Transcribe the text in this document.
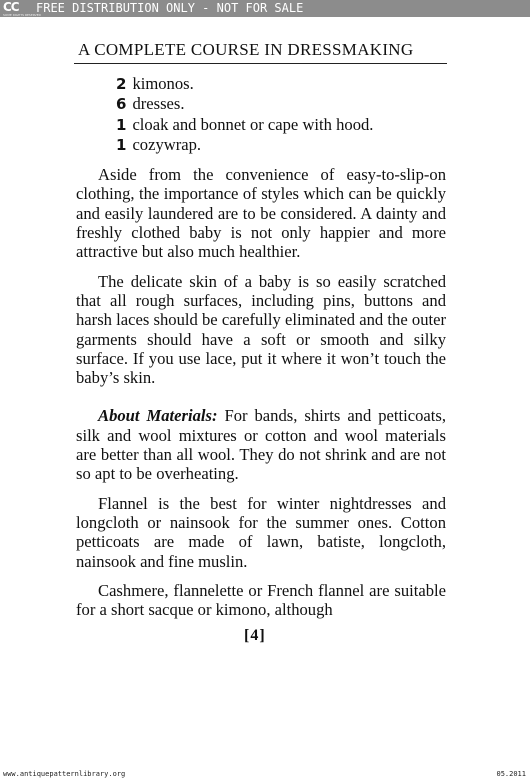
CC
SOME RIGHTS RESERVED
FREE DISTRIBUTION ONLY - NOT FOR SALE
A COMPLETE COURSE IN DRESSMAKING
2 kimonos.
6 dresses.
1 cloak and bonnet or cape with hood.
1 cozywrap.

Aside from the convenience of easy-to-slip-on clothing, the importance of styles which can be quickly and easily laundered are to be considered. A dainty and freshly clothed baby is not only happier and more attractive but also much healthier.

The delicate skin of a baby is so easily scratched that all rough surfaces, including pins, buttons and harsh laces should be carefully eliminated and the outer garments should have a soft or smooth and silky surface. If you use lace, put it where it won’t touch the baby’s skin.

About Materials: For bands, shirts and petticoats, silk and wool mixtures or cotton and wool materials are better than all wool. They do not shrink and are not so apt to be overheating.

Flannel is the best for winter nightdresses and longcloth or nainsook for the summer ones. Cotton petticoats are made of lawn, batiste, longcloth, nainsook and fine muslin.

Cashmere, flannelette or French flannel are suitable for a short sacque or kimono, although

[4]
www.antiquepatternlibrary.org	05.2011
